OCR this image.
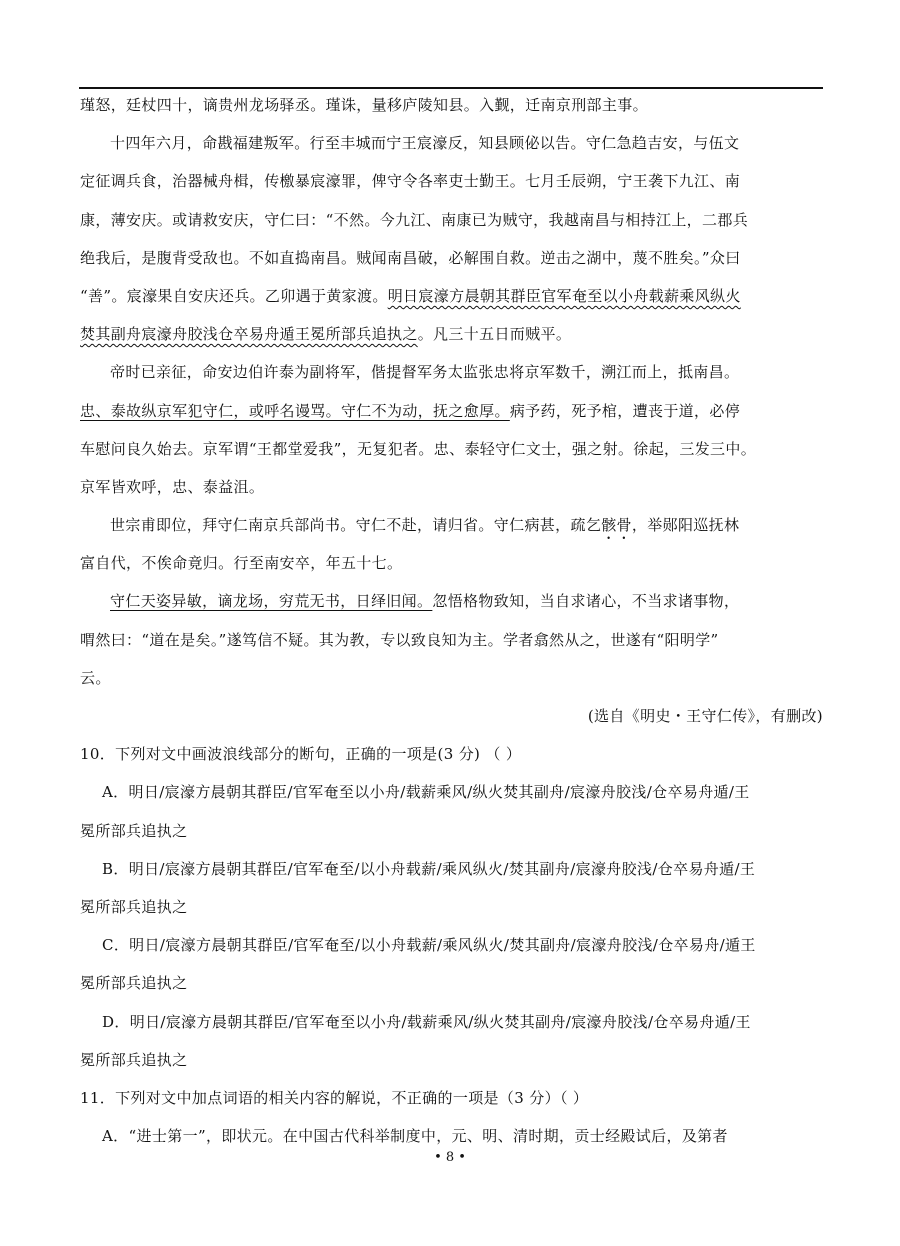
瑾怒，廷杖四十，谪贵州龙场驿丞。瑾诛，量移庐陵知县。入觐，迁南京刑部主事。
十四年六月，命戡福建叛军。行至丰城而宁王宸濠反，知县顾佖以告。守仁急趋吉安，与伍文
定征调兵食，治器械舟楫，传檄暴宸濠罪，俾守令各率吏士勤王。七月壬辰朔，宁王袭下九江、南
康，薄安庆。或请救安庆，守仁曰：“不然。今九江、南康已为贼守，我越南昌与相持江上，二郡兵
绝我后，是腹背受敌也。不如直捣南昌。贼闻南昌破，必解围自救。逆击之湖中，蔑不胜矣。”众曰
“善”。宸濠果自安庆还兵。乙卯遇于黄家渡。明日宸濠方晨朝其群臣官军奄至以小舟载薪乘风纵火
焚其副舟宸濠舟胶浅仓卒易舟遁王冕所部兵追执之。凡三十五日而贼平。
帝时已亲征，命安边伯许泰为副将军，偕提督军务太监张忠将京军数千，溯江而上，抵南昌。
忠、泰故纵京军犯守仁，或呼名谩骂。守仁不为动，抚之愈厚。病予药，死予棺，遭丧于道，必停
车慰问良久始去。京军谓“王都堂爱我”，无复犯者。忠、泰轻守仁文士，强之射。徐起，三发三中。
京军皆欢呼，忠、泰益沮。
世宗甫即位，拜守仁南京兵部尚书。守仁不赴，请归省。守仁病甚，疏乞骸骨，举郧阳巡抚林
富自代，不俟命竟归。行至南安卒，年五十七。
守仁天姿异敏，谪龙场，穷荒无书，日绎旧闻。忽悟格物致知，当自求诸心，不当求诸事物，
喟然曰：“道在是矣。”遂笃信不疑。其为教，专以致良知为主。学者翕然从之，世遂有“阳明学”
云。
(选自《明史・王守仁传》，有删改)
10．下列对文中画波浪线部分的断句，正确的一项是(3 分) （ ）
A．明日/宸濠方晨朝其群臣/官军奄至以小舟/载薪乘风/纵火焚其副舟/宸濠舟胶浅/仓卒易舟遁/王
冕所部兵追执之
B．明日/宸濠方晨朝其群臣/官军奄至/以小舟载薪/乘风纵火/焚其副舟/宸濠舟胶浅/仓卒易舟遁/王
冕所部兵追执之
C．明日/宸濠方晨朝其群臣/官军奄至/以小舟载薪/乘风纵火/焚其副舟/宸濠舟胶浅/仓卒易舟/遁王
冕所部兵追执之
D．明日/宸濠方晨朝其群臣/官军奄至以小舟/载薪乘风/纵火焚其副舟/宸濠舟胶浅/仓卒易舟遁/王
冕所部兵追执之
11．下列对文中加点词语的相关内容的解说，不正确的一项是（3 分）（ ）
A．“进士第一”，即状元。在中国古代科举制度中，元、明、清时期，贡士经殿试后，及第者
• 8 •
